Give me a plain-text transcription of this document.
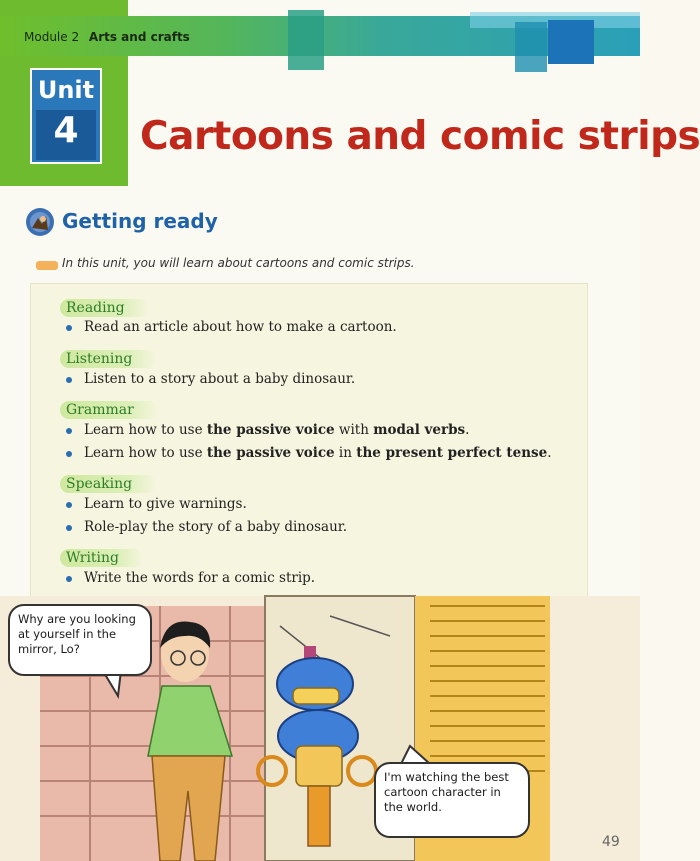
Module 2 Arts and crafts
Unit
4	Cartoons and comic strips
Getting ready
In this unit, you will learn about cartoons and comic strips.
Reading
Read an article about how to make a cartoon.
Listening
Listen to a story about a baby dinosaur.
Grammar
Learn how to use the passive voice with modal verbs.
Learn how to use the passive voice in the present perfect tense.
Speaking
Learn to give warnings.
Role-play the story of a baby dinosaur.
Writing
Write the words for a comic strip.
Why are you looking at yourself in the mirror, Lo?
I'm watching the best cartoon character in the world.
49
